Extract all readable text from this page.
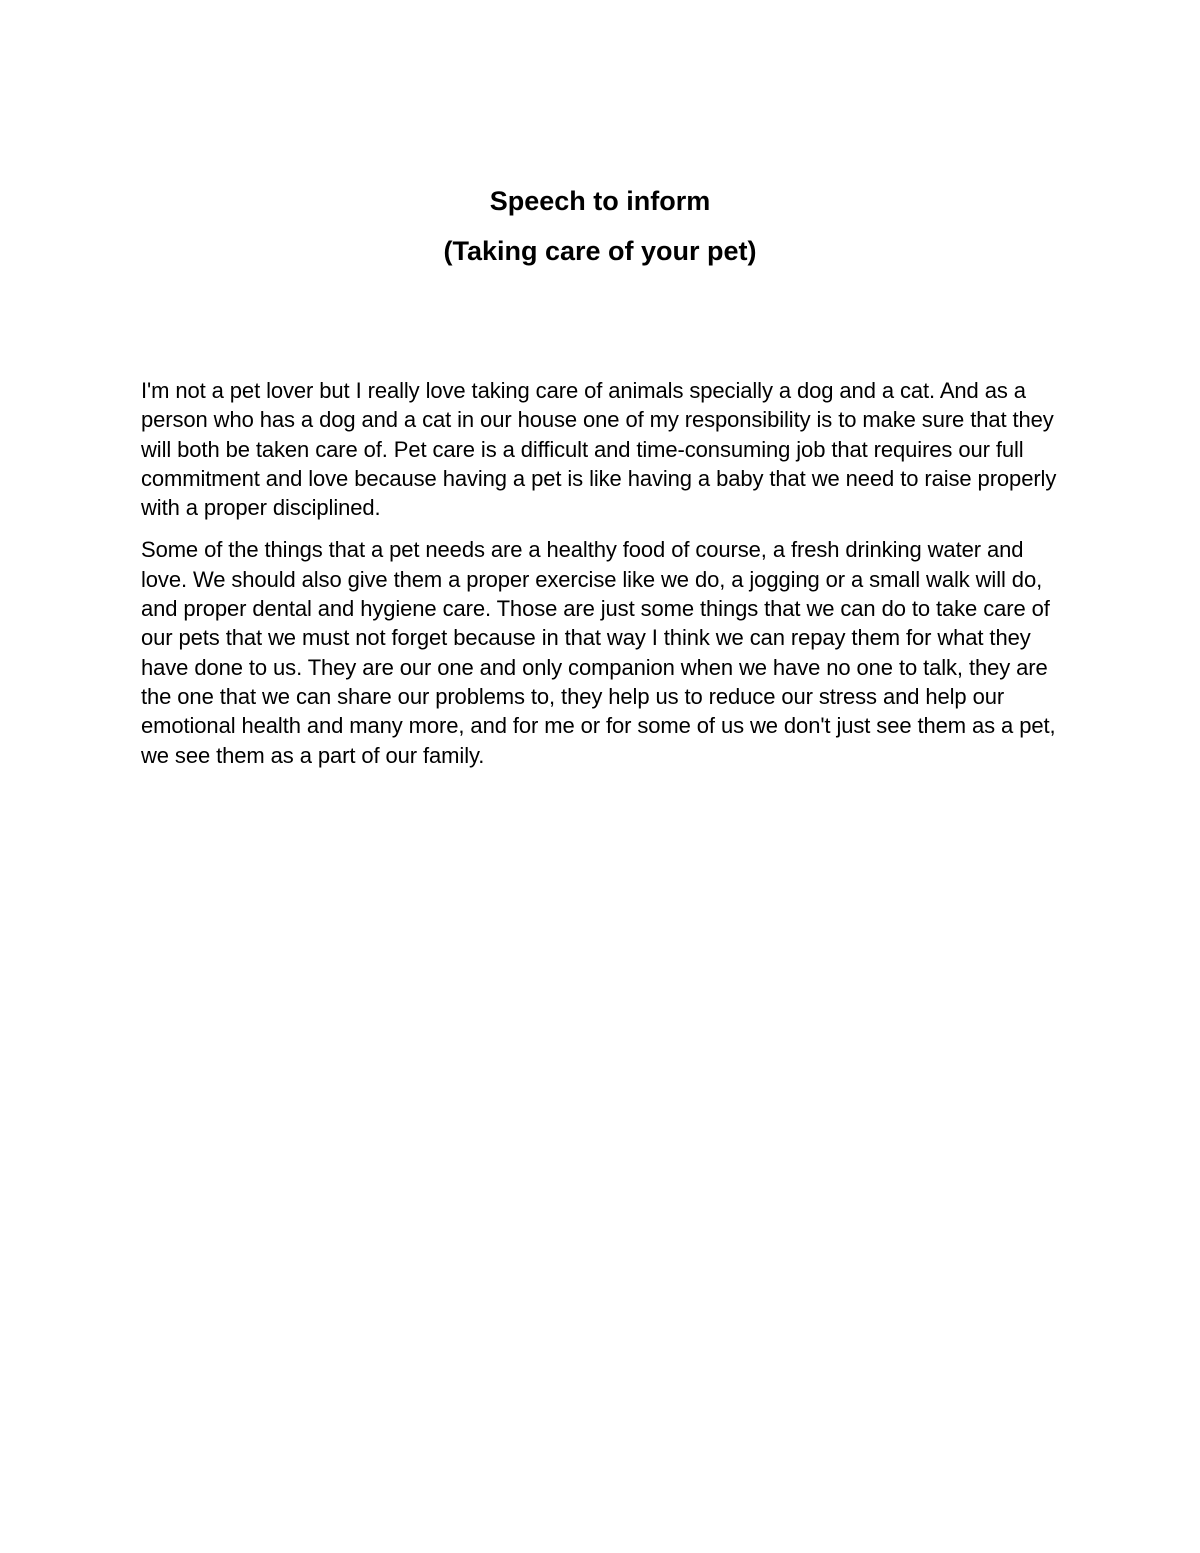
Speech to inform
(Taking care of your pet)

I'm not a pet lover but I really love taking care of animals specially a dog and a cat. And as a person who has a dog and a cat in our house one of my responsibility is to make sure that they will both be taken care of. Pet care is a difficult and time-consuming job that requires our full commitment and love because having a pet is like having a baby that we need to raise properly with a proper disciplined.

Some of the things that a pet needs are a healthy food of course, a fresh drinking water and love. We should also give them a proper exercise like we do, a jogging or a small walk will do, and proper dental and hygiene care. Those are just some things that we can do to take care of our pets that we must not forget because in that way I think we can repay them for what they have done to us. They are our one and only companion when we have no one to talk, they are the one that we can share our problems to, they help us to reduce our stress and help our emotional health and many more, and for me or for some of us we don't just see them as a pet, we see them as a part of our family.
